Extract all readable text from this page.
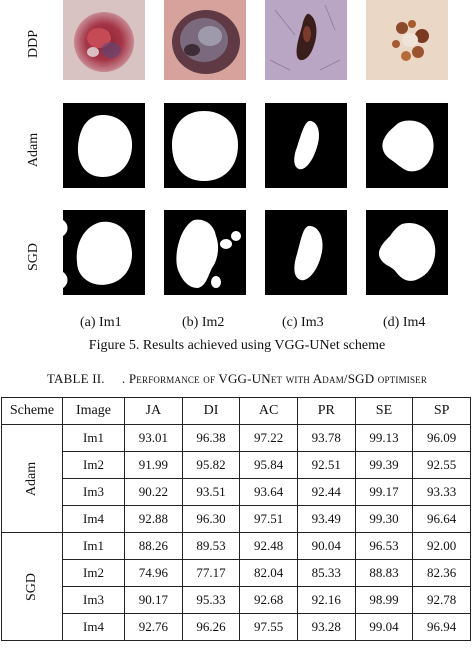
DDP
Adam
SGD
(a) Im1	(b) Im2	(c) Im3	(d) Im4
Figure 5. Results achieved using VGG-UNet scheme
TABLE II. . Performance of VGG-UNet with Adam/SGD optimiser
Scheme	Image	JA	DI	AC	PR	SE	SP
Adam	Im1	93.01	96.38	97.22	93.78	99.13	96.09
	Im2	91.99	95.82	95.84	92.51	99.39	92.55
	Im3	90.22	93.51	93.64	92.44	99.17	93.33
	Im4	92.88	96.30	97.51	93.49	99.30	96.64
SGD	Im1	88.26	89.53	92.48	90.04	96.53	92.00
	Im2	74.96	77.17	82.04	85.33	88.83	82.36
	Im3	90.17	95.33	92.68	92.16	98.99	92.78
	Im4	92.76	96.26	97.55	93.28	99.04	96.94
